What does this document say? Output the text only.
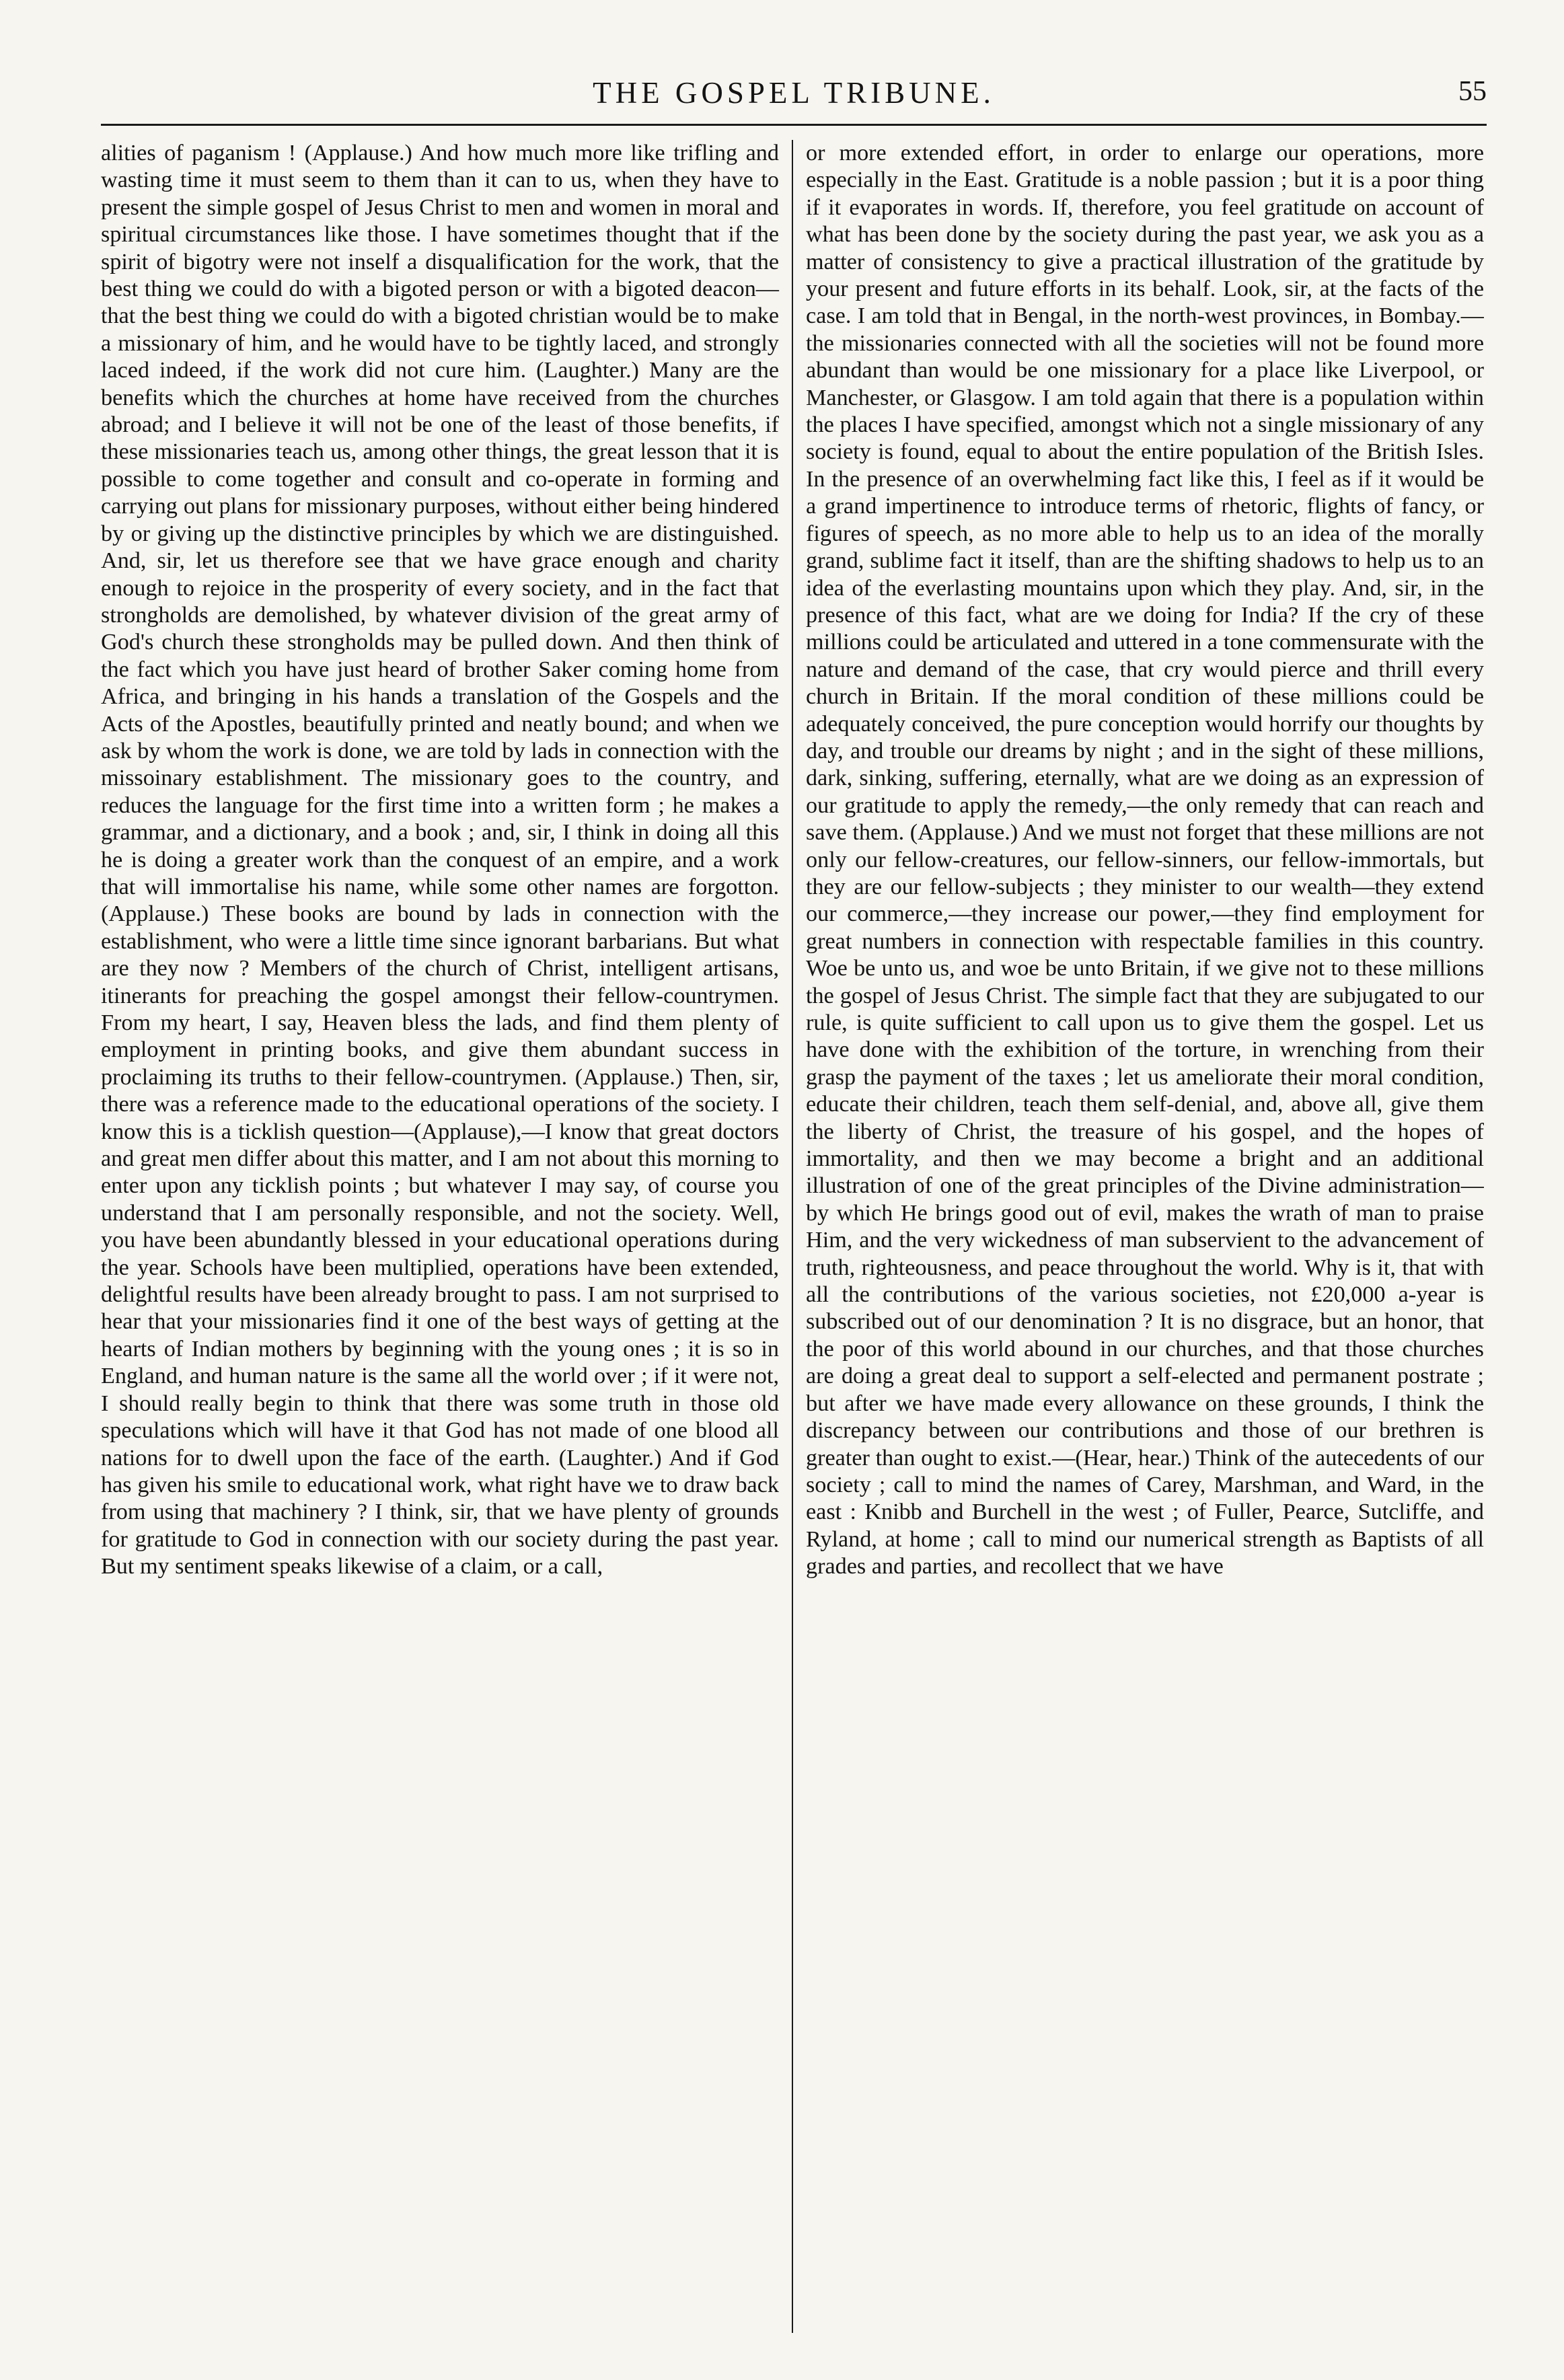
THE GOSPEL TRIBUNE.	55

alities of paganism ! (Applause.) And how much more like trifling and wasting time it must seem to them than it can to us, when they have to present the simple gospel of Jesus Christ to men and women in moral and spiritual circumstances like those. I have sometimes thought that if the spirit of bigotry were not inself a disqualification for the work, that the best thing we could do with a bigoted person or with a bigoted deacon—that the best thing we could do with a bigoted christian would be to make a missionary of him, and he would have to be tightly laced, and strongly laced indeed, if the work did not cure him. (Laughter.) Many are the benefits which the churches at home have received from the churches abroad; and I believe it will not be one of the least of those benefits, if these missionaries teach us, among other things, the great lesson that it is possible to come together and consult and co-operate in forming and carrying out plans for missionary purposes, without either being hindered by or giving up the distinctive principles by which we are distinguished. And, sir, let us therefore see that we have grace enough and charity enough to rejoice in the prosperity of every society, and in the fact that strongholds are demolished, by whatever division of the great army of God's church these strongholds may be pulled down. And then think of the fact which you have just heard of brother Saker coming home from Africa, and bringing in his hands a translation of the Gospels and the Acts of the Apostles, beautifully printed and neatly bound; and when we ask by whom the work is done, we are told by lads in connection with the missoinary establishment. The missionary goes to the country, and reduces the language for the first time into a written form ; he makes a grammar, and a dictionary, and a book ; and, sir, I think in doing all this he is doing a greater work than the conquest of an empire, and a work that will immortalise his name, while some other names are forgotton. (Applause.) These books are bound by lads in connection with the establishment, who were a little time since ignorant barbarians. But what are they now ? Members of the church of Christ, intelligent artisans, itinerants for preaching the gospel amongst their fellow-countrymen. From my heart, I say, Heaven bless the lads, and find them plenty of employment in printing books, and give them abundant success in proclaiming its truths to their fellow-countrymen. (Applause.) Then, sir, there was a reference made to the educational operations of the society. I know this is a ticklish question—(Applause),—I know that great doctors and great men differ about this matter, and I am not about this morning to enter upon any ticklish points ; but whatever I may say, of course you understand that I am personally responsible, and not the society. Well, you have been abundantly blessed in your educational operations during the year. Schools have been multiplied, operations have been extended, delightful results have been already brought to pass. I am not surprised to hear that your missionaries find it one of the best ways of getting at the hearts of Indian mothers by beginning with the young ones ; it is so in England, and human nature is the same all the world over ; if it were not, I should really begin to think that there was some truth in those old speculations which will have it that God has not made of one blood all nations for to dwell upon the face of the earth. (Laughter.) And if God has given his smile to educational work, what right have we to draw back from using that machinery ? I think, sir, that we have plenty of grounds for gratitude to God in connection with our society during the past year. But my sentiment speaks likewise of a claim, or a call,

or more extended effort, in order to enlarge our operations, more especially in the East. Gratitude is a noble passion ; but it is a poor thing if it evaporates in words. If, therefore, you feel gratitude on account of what has been done by the society during the past year, we ask you as a matter of consistency to give a practical illustration of the gratitude by your present and future efforts in its behalf. Look, sir, at the facts of the case. I am told that in Bengal, in the north-west provinces, in Bombay.—the missionaries connected with all the societies will not be found more abundant than would be one missionary for a place like Liverpool, or Manchester, or Glasgow. I am told again that there is a population within the places I have specified, amongst which not a single missionary of any society is found, equal to about the entire population of the British Isles. In the presence of an overwhelming fact like this, I feel as if it would be a grand impertinence to introduce terms of rhetoric, flights of fancy, or figures of speech, as no more able to help us to an idea of the morally grand, sublime fact it itself, than are the shifting shadows to help us to an idea of the everlasting mountains upon which they play. And, sir, in the presence of this fact, what are we doing for India? If the cry of these millions could be articulated and uttered in a tone commensurate with the nature and demand of the case, that cry would pierce and thrill every church in Britain. If the moral condition of these millions could be adequately conceived, the pure conception would horrify our thoughts by day, and trouble our dreams by night ; and in the sight of these millions, dark, sinking, suffering, eternally, what are we doing as an expression of our gratitude to apply the remedy,—the only remedy that can reach and save them. (Applause.) And we must not forget that these millions are not only our fellow-creatures, our fellow-sinners, our fellow-immortals, but they are our fellow-subjects ; they minister to our wealth—they extend our commerce,—they increase our power,—they find employment for great numbers in connection with respectable families in this country. Woe be unto us, and woe be unto Britain, if we give not to these millions the gospel of Jesus Christ. The simple fact that they are subjugated to our rule, is quite sufficient to call upon us to give them the gospel. Let us have done with the exhibition of the torture, in wrenching from their grasp the payment of the taxes ; let us ameliorate their moral condition, educate their children, teach them self-denial, and, above all, give them the liberty of Christ, the treasure of his gospel, and the hopes of immortality, and then we may become a bright and an additional illustration of one of the great principles of the Divine administration—by which He brings good out of evil, makes the wrath of man to praise Him, and the very wickedness of man subservient to the advancement of truth, righteousness, and peace throughout the world. Why is it, that with all the contributions of the various societies, not £20,000 a-year is subscribed out of our denomination ? It is no disgrace, but an honor, that the poor of this world abound in our churches, and that those churches are doing a great deal to support a self-elected and permanent postrate ; but after we have made every allowance on these grounds, I think the discrepancy between our contributions and those of our brethren is greater than ought to exist.—(Hear, hear.) Think of the autecedents of our society ; call to mind the names of Carey, Marshman, and Ward, in the east : Knibb and Burchell in the west ; of Fuller, Pearce, Sutcliffe, and Ryland, at home ; call to mind our numerical strength as Baptists of all grades and parties, and recollect that we have
